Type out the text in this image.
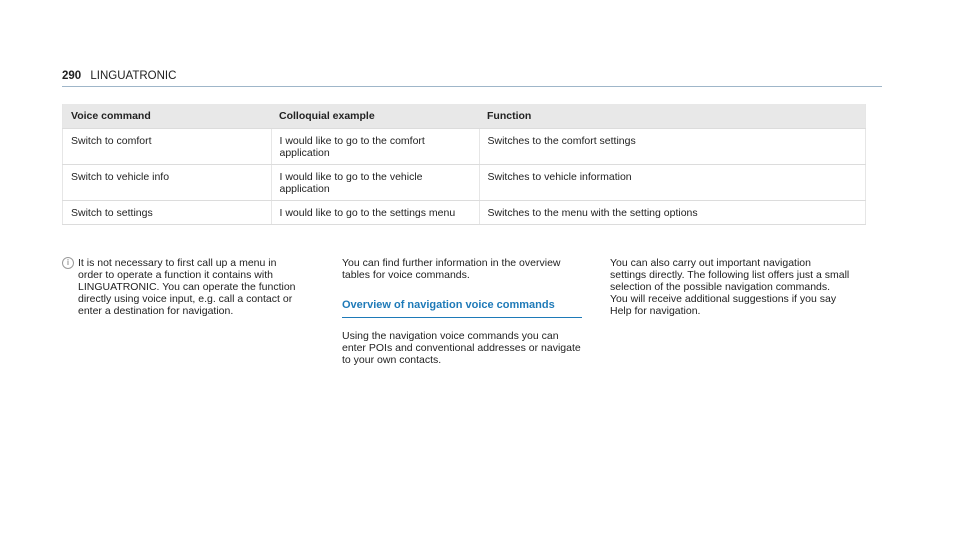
290 LINGUATRONIC
Voice command	Colloquial example	Function
Switch to comfort	I would like to go to the comfort application	Switches to the comfort settings
Switch to vehicle info	I would like to go to the vehicle application	Switches to vehicle information
Switch to settings	I would like to go to the settings menu	Switches to the menu with the setting options
i It is not necessary to first call up a menu in order to operate a function it contains with LINGUATRONIC. You can operate the function directly using voice input, e.g. call a contact or enter a destination for navigation.

You can find further information in the overview tables for voice commands.

Overview of navigation voice commands

Using the navigation voice commands you can enter POIs and conventional addresses or navigate to your own contacts.

You can also carry out important navigation settings directly. The following list offers just a small selection of the possible navigation commands. You will receive additional suggestions if you say Help for navigation.
